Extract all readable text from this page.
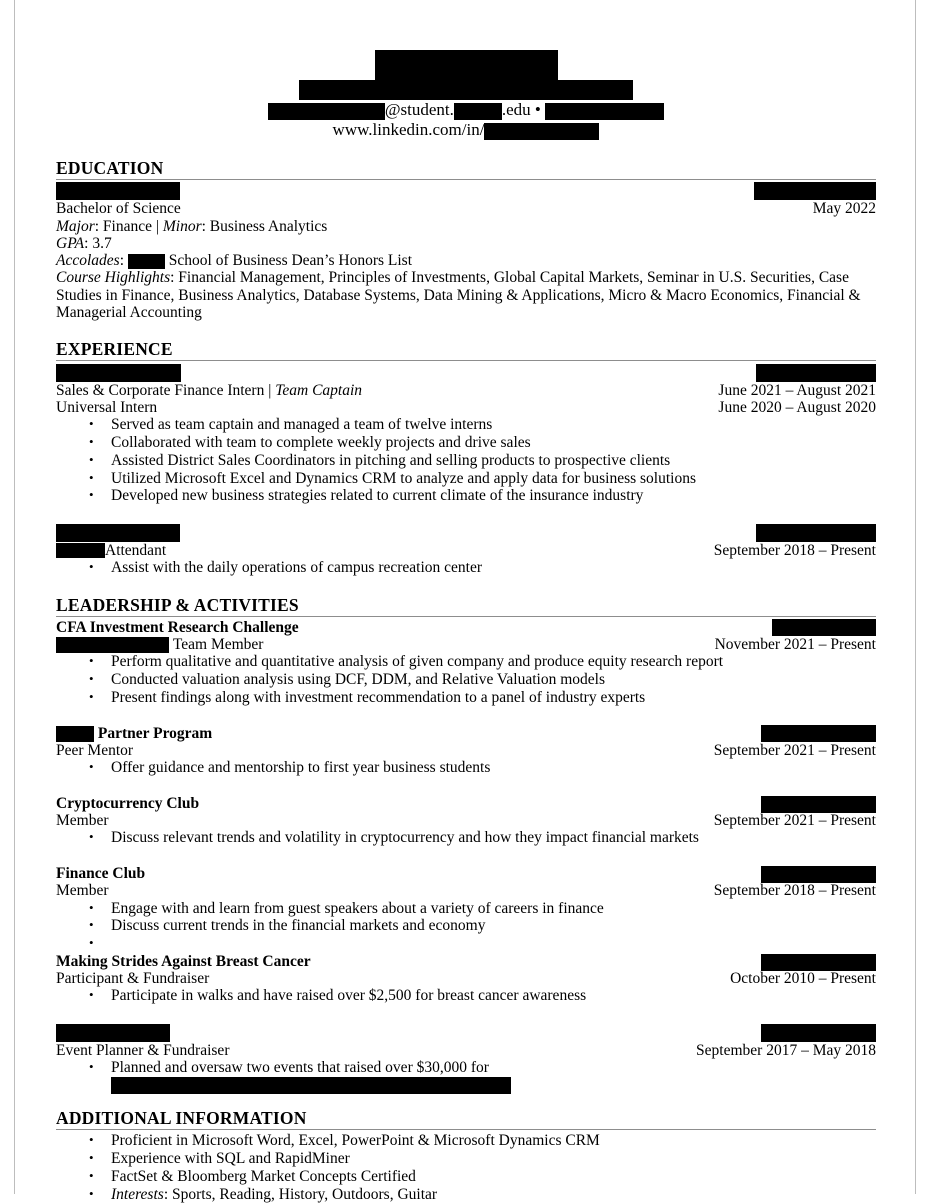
@student.	.edu •
www.linkedin.com/in/
EDUCATION
Bachelor of Science	May 2022
Major: Finance | Minor: Business Analytics
GPA: 3.7
Accolades:	School of Business Dean’s Honors List
Course Highlights: Financial Management, Principles of Investments, Global Capital Markets, Seminar in U.S. Securities, Case Studies in Finance, Business Analytics, Database Systems, Data Mining & Applications, Micro & Macro Economics, Financial & Managerial Accounting
EXPERIENCE
Sales & Corporate Finance Intern | Team Captain	June 2021 – August 2021
Universal Intern	June 2020 – August 2020
• Served as team captain and managed a team of twelve interns
• Collaborated with team to complete weekly projects and drive sales
• Assisted District Sales Coordinators in pitching and selling products to prospective clients
• Utilized Microsoft Excel and Dynamics CRM to analyze and apply data for business solutions
• Developed new business strategies related to current climate of the insurance industry
Attendant	September 2018 – Present
• Assist with the daily operations of campus recreation center
LEADERSHIP & ACTIVITIES
CFA Investment Research Challenge
Team Member	November 2021 – Present
• Perform qualitative and quantitative analysis of given company and produce equity research report
• Conducted valuation analysis using DCF, DDM, and Relative Valuation models
• Present findings along with investment recommendation to a panel of industry experts
Partner Program
Peer Mentor	September 2021 – Present
• Offer guidance and mentorship to first year business students
Cryptocurrency Club
Member	September 2021 – Present
• Discuss relevant trends and volatility in cryptocurrency and how they impact financial markets
Finance Club
Member	September 2018 – Present
• Engage with and learn from guest speakers about a variety of careers in finance
• Discuss current trends in the financial markets and economy
•
Making Strides Against Breast Cancer
Participant & Fundraiser	October 2010 – Present
• Participate in walks and have raised over $2,500 for breast cancer awareness
Event Planner & Fundraiser	September 2017 – May 2018
• Planned and oversaw two events that raised over $30,000 for
ADDITIONAL INFORMATION
• Proficient in Microsoft Word, Excel, PowerPoint & Microsoft Dynamics CRM
• Experience with SQL and RapidMiner
• FactSet & Bloomberg Market Concepts Certified
• Interests: Sports, Reading, History, Outdoors, Guitar
